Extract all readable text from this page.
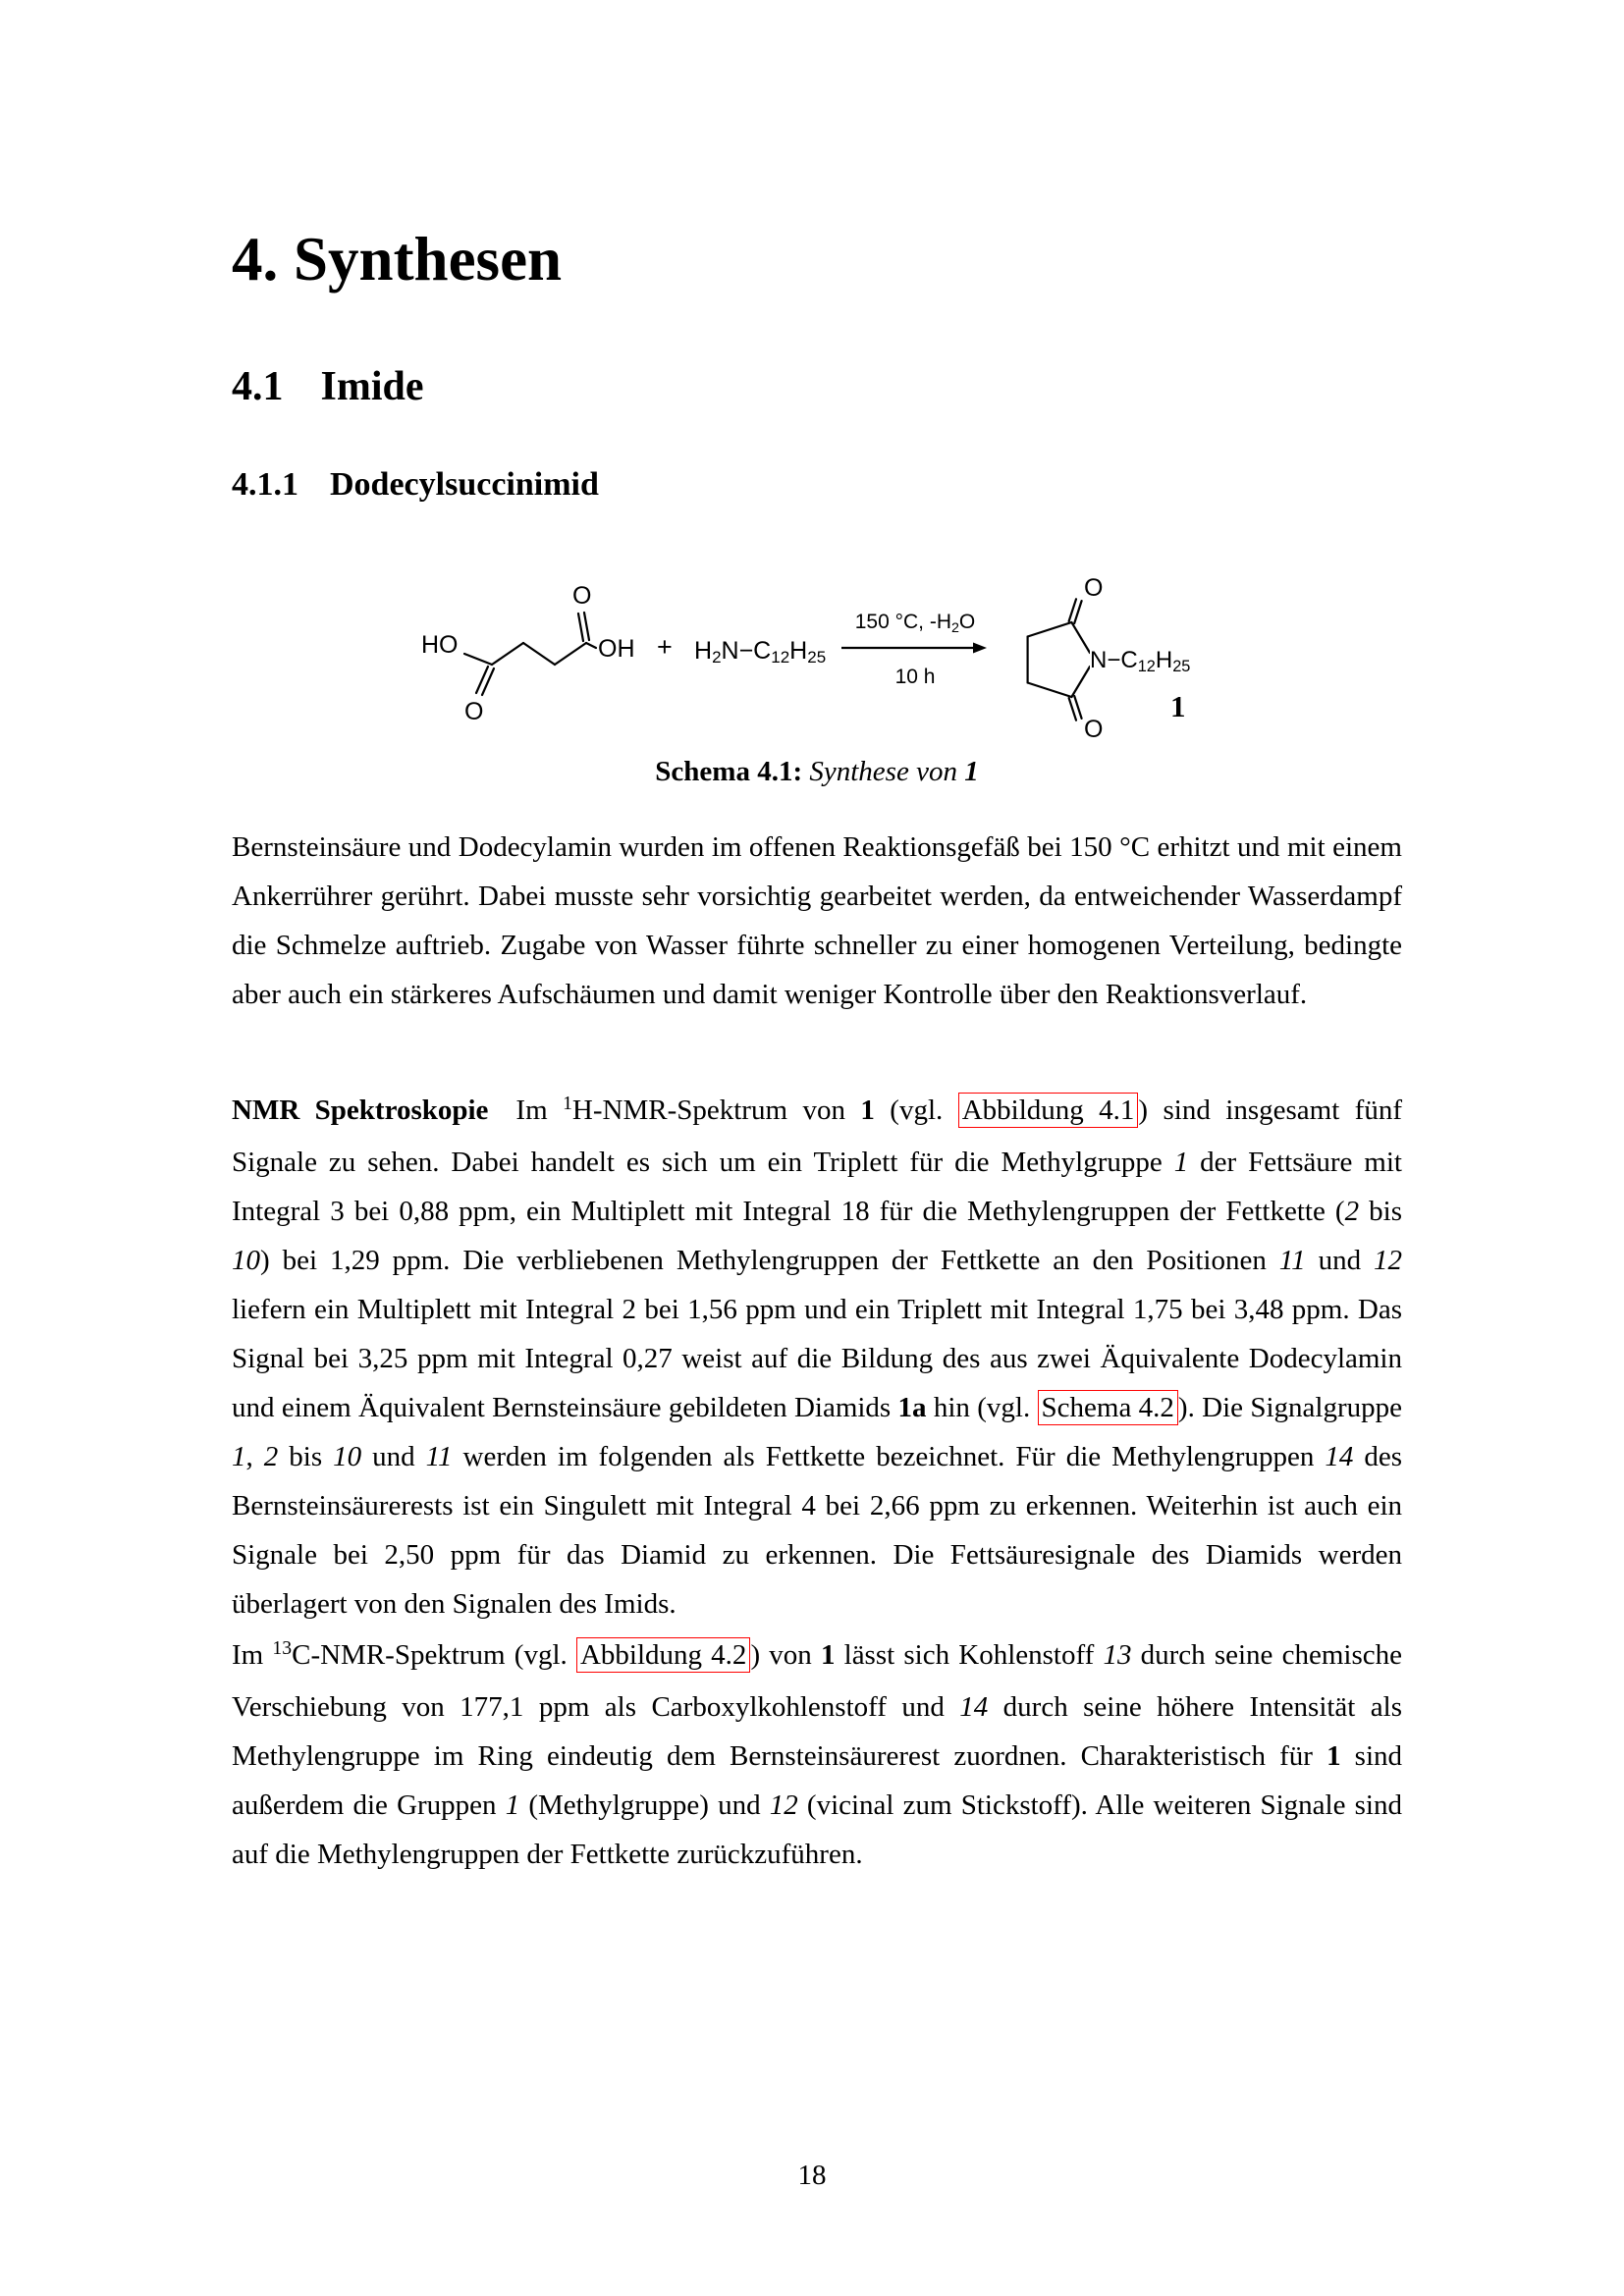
4. Synthesen
4.1 Imide
4.1.1 Dodecylsuccinimid
HO
O
O
OH + H2N−C12H25
150 °C, -H2O
10 h
O
O
N−C12H25
1
Schema 4.1: Synthese von 1

Bernsteinsäure und Dodecylamin wurden im offenen Reaktionsgefäß bei 150 °C erhitzt und mit einem Ankerrührer gerührt. Dabei musste sehr vorsichtig gearbeitet werden, da entweichender Wasserdampf die Schmelze auftrieb. Zugabe von Wasser führte schneller zu einer homogenen Verteilung, bedingte aber auch ein stärkeres Aufschäumen und damit weniger Kontrolle über den Reaktionsverlauf.

NMR Spektroskopie Im $^1$H-NMR-Spektrum von 1 (vgl. Abbildung 4.1 ) sind insgesamt fünf Signale zu sehen. Dabei handelt es sich um ein Triplett für die Methylgruppe 1 der Fettsäure mit Integral 3 bei 0,88 ppm, ein Multiplett mit Integral 18 für die Methylengruppen der Fettkette (2 bis 10) bei 1,29 ppm. Die verbliebenen Methylengruppen der Fettkette an den Positionen 11 und 12 liefern ein Multiplett mit Integral 2 bei 1,56 ppm und ein Triplett mit Integral 1,75 bei 3,48 ppm. Das Signal bei 3,25 ppm mit Integral 0,27 weist auf die Bildung des aus zwei Äquivalente Dodecylamin und einem Äquivalent Bernsteinsäure gebildeten Diamids 1a hin (vgl. Schema 4.2 ). Die Signalgruppe 1, 2 bis 10 und 11 werden im folgenden als Fettkette bezeichnet. Für die Methylengruppen 14 des Bernsteinsäurerests ist ein Singulett mit Integral 4 bei 2,66 ppm zu erkennen. Weiterhin ist auch ein Signale bei 2,50 ppm für das Diamid zu erkennen. Die Fettsäuresignale des Diamids werden überlagert von den Signalen des Imids.

Im $^{13}$C-NMR-Spektrum (vgl. Abbildung 4.2 ) von 1 lässt sich Kohlenstoff 13 durch seine chemische Verschiebung von 177,1 ppm als Carboxylkohlenstoff und 14 durch seine höhere Intensität als Methylengruppe im Ring eindeutig dem Bernsteinsäurerest zuordnen. Charakteristisch für 1 sind außerdem die Gruppen 1 (Methylgruppe) und 12 (vicinal zum Stickstoff). Alle weiteren Signale sind auf die Methylengruppen der Fettkette zurückzuführen.

18
